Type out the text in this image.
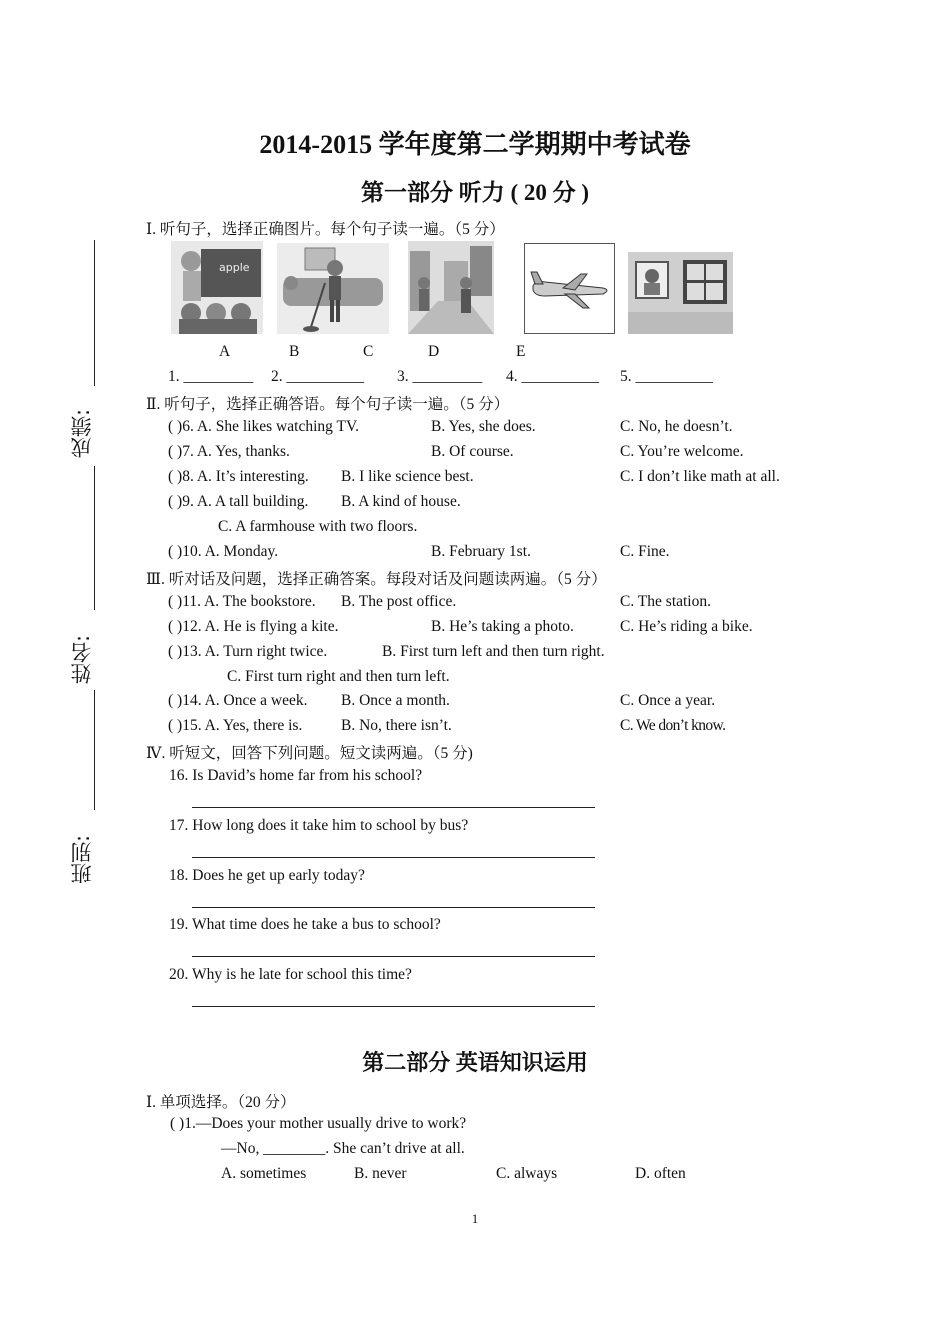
成绩:
姓名:
班别:
2014-2015 学年度第二学期期中考试卷
第一部分 听力 ( 20 分 )
Ⅰ. 听句子，选择正确图片。每个句子读一遍。（5 分）
apple
A	B	C	D	E
1. _________ 2. __________ 3. _________ 4. __________ 5. __________
Ⅱ. 听句子，选择正确答语。每个句子读一遍。（5 分）
( )6. A. She likes watching TV.	B. Yes, she does.	C. No, he doesn’t.
( )7. A. Yes, thanks.	B. Of course.	C. You’re welcome.
( )8. A. It’s interesting. B. I like science best.	C. I don’t like math at all.
( )9. A. A tall building. B. A kind of house.
C. A farmhouse with two floors.
( )10. A. Monday.	B. February 1st.	C. Fine.
Ⅲ. 听对话及问题，选择正确答案。每段对话及问题读两遍。（5 分）
( )11. A. The bookstore. B. The post office.	C. The station.
( )12. A. He is flying a kite.	B. He’s taking a photo.	C. He’s riding a bike.
( )13. A. Turn right twice.	B. First turn left and then turn right.
C. First turn right and then turn left.
( )14. A. Once a week. B. Once a month.	C. Once a year.
( )15. A. Yes, there is. B. No, there isn’t.	C. We don’t know.
Ⅳ. 听短文，回答下列问题。短文读两遍。（5 分)
16. Is David’s home far from his school?
17. How long does it take him to school by bus?
18. Does he get up early today?
19. What time does he take a bus to school?
20. Why is he late for school this time?
第二部分 英语知识运用
Ⅰ. 单项选择。（20 分）
( )1.—Does your mother usually drive to work?
—No, ________. She can’t drive at all.
A. sometimes	B. never	C. always	D. often
1
